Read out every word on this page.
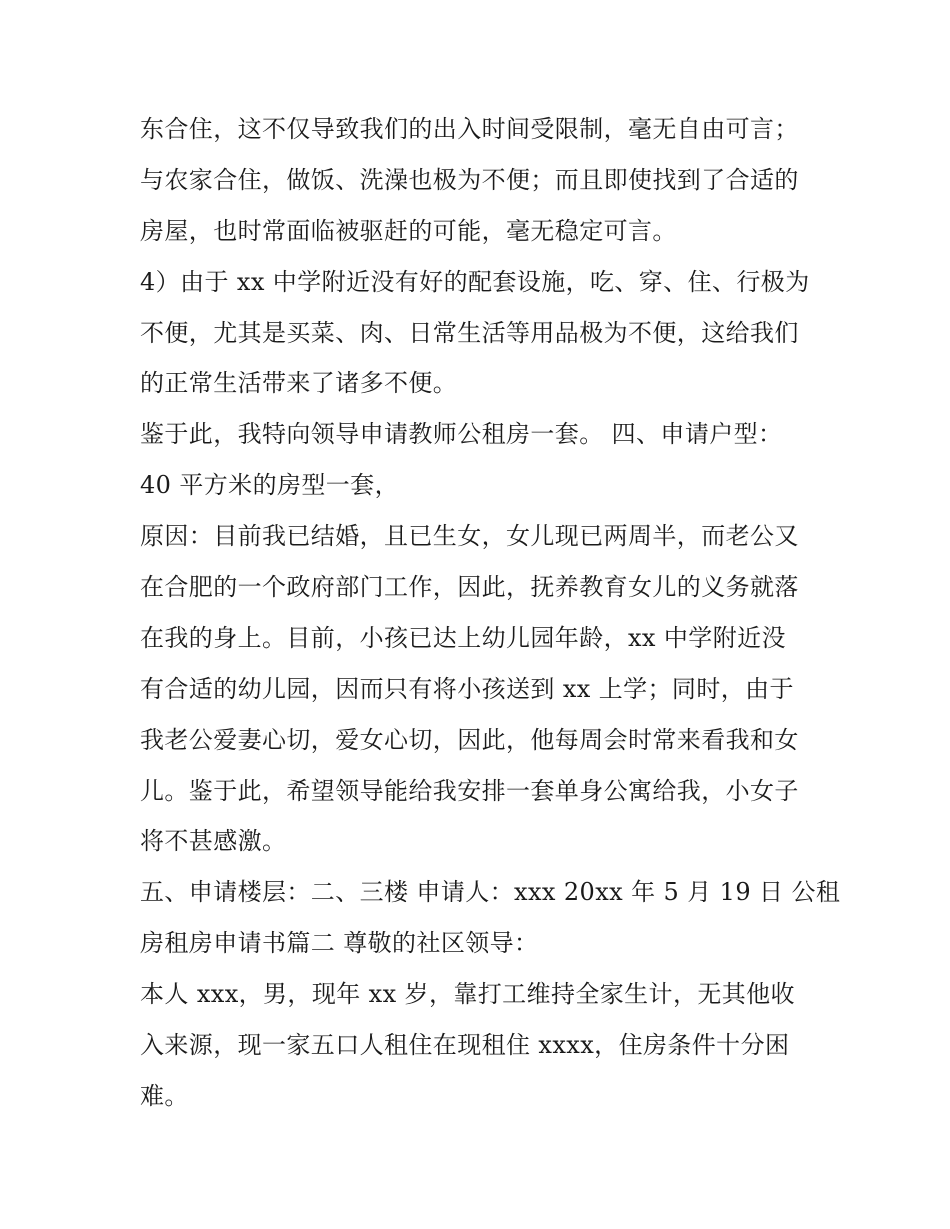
东合住，这不仅导致我们的出入时间受限制，毫无自由可言；
与农家合住，做饭、洗澡也极为不便；而且即使找到了合适的
房屋，也时常面临被驱赶的可能，毫无稳定可言。
4）由于 xx 中学附近没有好的配套设施，吃、穿、住、行极为
不便，尤其是买菜、肉、日常生活等用品极为不便，这给我们
的正常生活带来了诸多不便。
鉴于此，我特向领导申请教师公租房一套。 四、申请户型：
40 平方米的房型一套，
原因：目前我已结婚，且已生女，女儿现已两周半，而老公又
在合肥的一个政府部门工作，因此，抚养教育女儿的义务就落
在我的身上。目前，小孩已达上幼儿园年龄，xx 中学附近没
有合适的幼儿园，因而只有将小孩送到 xx 上学；同时，由于
我老公爱妻心切，爱女心切，因此，他每周会时常来看我和女
儿。鉴于此，希望领导能给我安排一套单身公寓给我，小女子
将不甚感激。
五、申请楼层：二、三楼 申请人：xxx 20xx 年 5 月 19 日 公租
房租房申请书篇二 尊敬的社区领导：
本人 xxx，男，现年 xx 岁，靠打工维持全家生计，无其他收
入来源，现一家五口人租住在现租住 xxxx，住房条件十分困
难。
